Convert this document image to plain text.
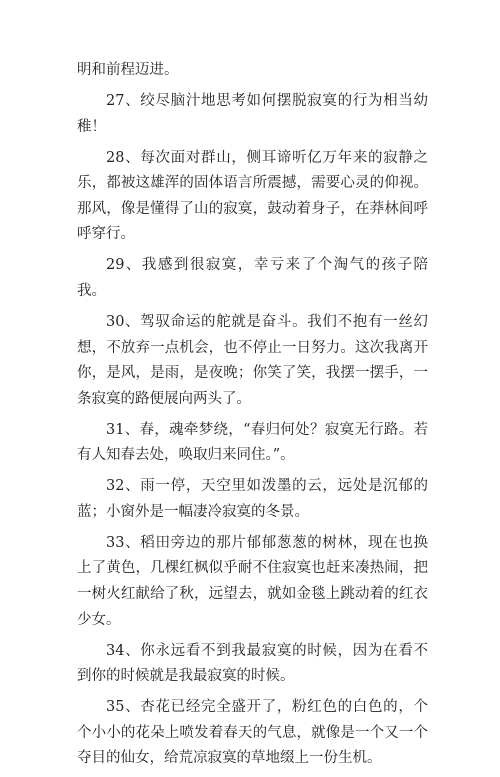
明和前程迈进。

27、绞尽脑汁地思考如何摆脱寂寞的行为相当幼稚！

28、每次面对群山，侧耳谛听亿万年来的寂静之乐，都被这雄浑的固体语言所震撼，需要心灵的仰视。那风，像是懂得了山的寂寞，鼓动着身子，在莽林间呼呼穿行。

29、我感到很寂寞，幸亏来了个淘气的孩子陪我。

30、驾驭命运的舵就是奋斗。我们不抱有一丝幻想，不放弃一点机会，也不停止一日努力。这次我离开你，是风，是雨，是夜晚；你笑了笑，我摆一摆手，一条寂寞的路便展向两头了。

31、春，魂牵梦绕，“春归何处？寂寞无行路。若有人知春去处，唤取归来同住。”。

32、雨一停，天空里如泼墨的云，远处是沉郁的蓝；小窗外是一幅凄冷寂寞的冬景。

33、稻田旁边的那片郁郁葱葱的树林，现在也换上了黄色，几棵红枫似乎耐不住寂寞也赶来凑热闹，把一树火红献给了秋，远望去，就如金毯上跳动着的红衣少女。

34、你永远看不到我最寂寞的时候，因为在看不到你的时候就是我最寂寞的时候。

35、杏花已经完全盛开了，粉红色的白色的，个个小小的花朵上喷发着春天的气息，就像是一个又一个夺目的仙女，给荒凉寂寞的草地缀上一份生机。
